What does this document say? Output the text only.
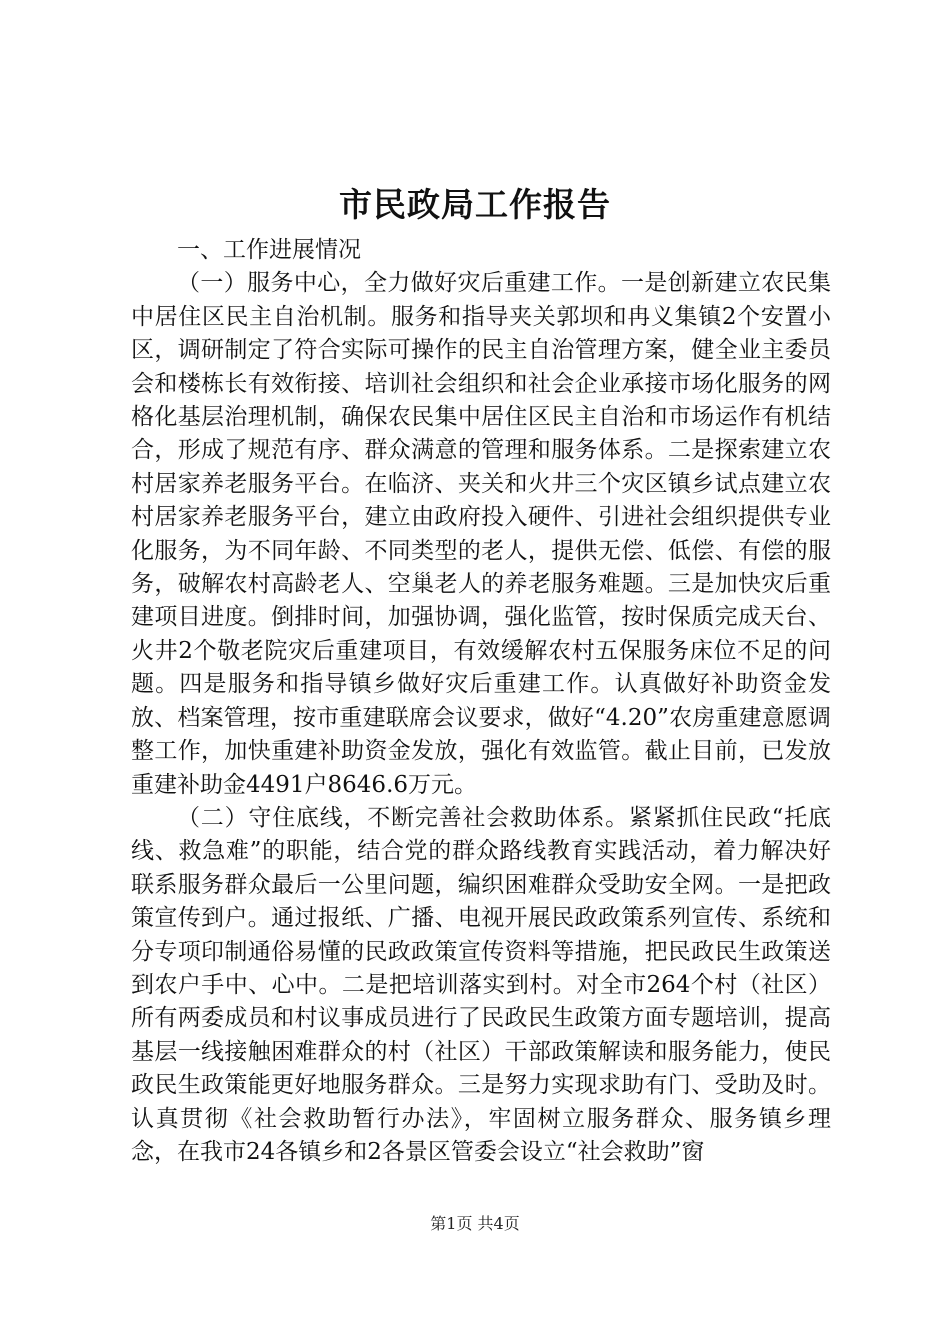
市民政局工作报告

一、工作进展情况

（一）服务中心，全力做好灾后重建工作。一是创新建立农民集中居住区民主自治机制。服务和指导夹关郭坝和冉义集镇2个安置小区，调研制定了符合实际可操作的民主自治管理方案，健全业主委员会和楼栋长有效衔接、培训社会组织和社会企业承接市场化服务的网格化基层治理机制，确保农民集中居住区民主自治和市场运作有机结合，形成了规范有序、群众满意的管理和服务体系。二是探索建立农村居家养老服务平台。在临济、夹关和火井三个灾区镇乡试点建立农村居家养老服务平台，建立由政府投入硬件、引进社会组织提供专业化服务，为不同年龄、不同类型的老人，提供无偿、低偿、有偿的服务，破解农村高龄老人、空巢老人的养老服务难题。三是加快灾后重建项目进度。倒排时间，加强协调，强化监管，按时保质完成天台、火井2个敬老院灾后重建项目，有效缓解农村五保服务床位不足的问题。四是服务和指导镇乡做好灾后重建工作。认真做好补助资金发放、档案管理，按市重建联席会议要求，做好“4.20”农房重建意愿调整工作，加快重建补助资金发放，强化有效监管。截止目前，已发放重建补助金4491户8646.6万元。

（二）守住底线，不断完善社会救助体系。紧紧抓住民政“托底线、救急难”的职能，结合党的群众路线教育实践活动，着力解决好联系服务群众最后一公里问题，编织困难群众受助安全网。一是把政策宣传到户。通过报纸、广播、电视开展民政政策系列宣传、系统和分专项印制通俗易懂的民政政策宣传资料等措施，把民政民生政策送到农户手中、心中。二是把培训落实到村。对全市264个村（社区）所有两委成员和村议事成员进行了民政民生政策方面专题培训，提高基层一线接触困难群众的村（社区）干部政策解读和服务能力，使民政民生政策能更好地服务群众。三是努力实现求助有门、受助及时。认真贯彻《社会救助暂行办法》，牢固树立服务群众、服务镇乡理念，在我市24各镇乡和2各景区管委会设立“社会救助”窗

第1页 共4页
